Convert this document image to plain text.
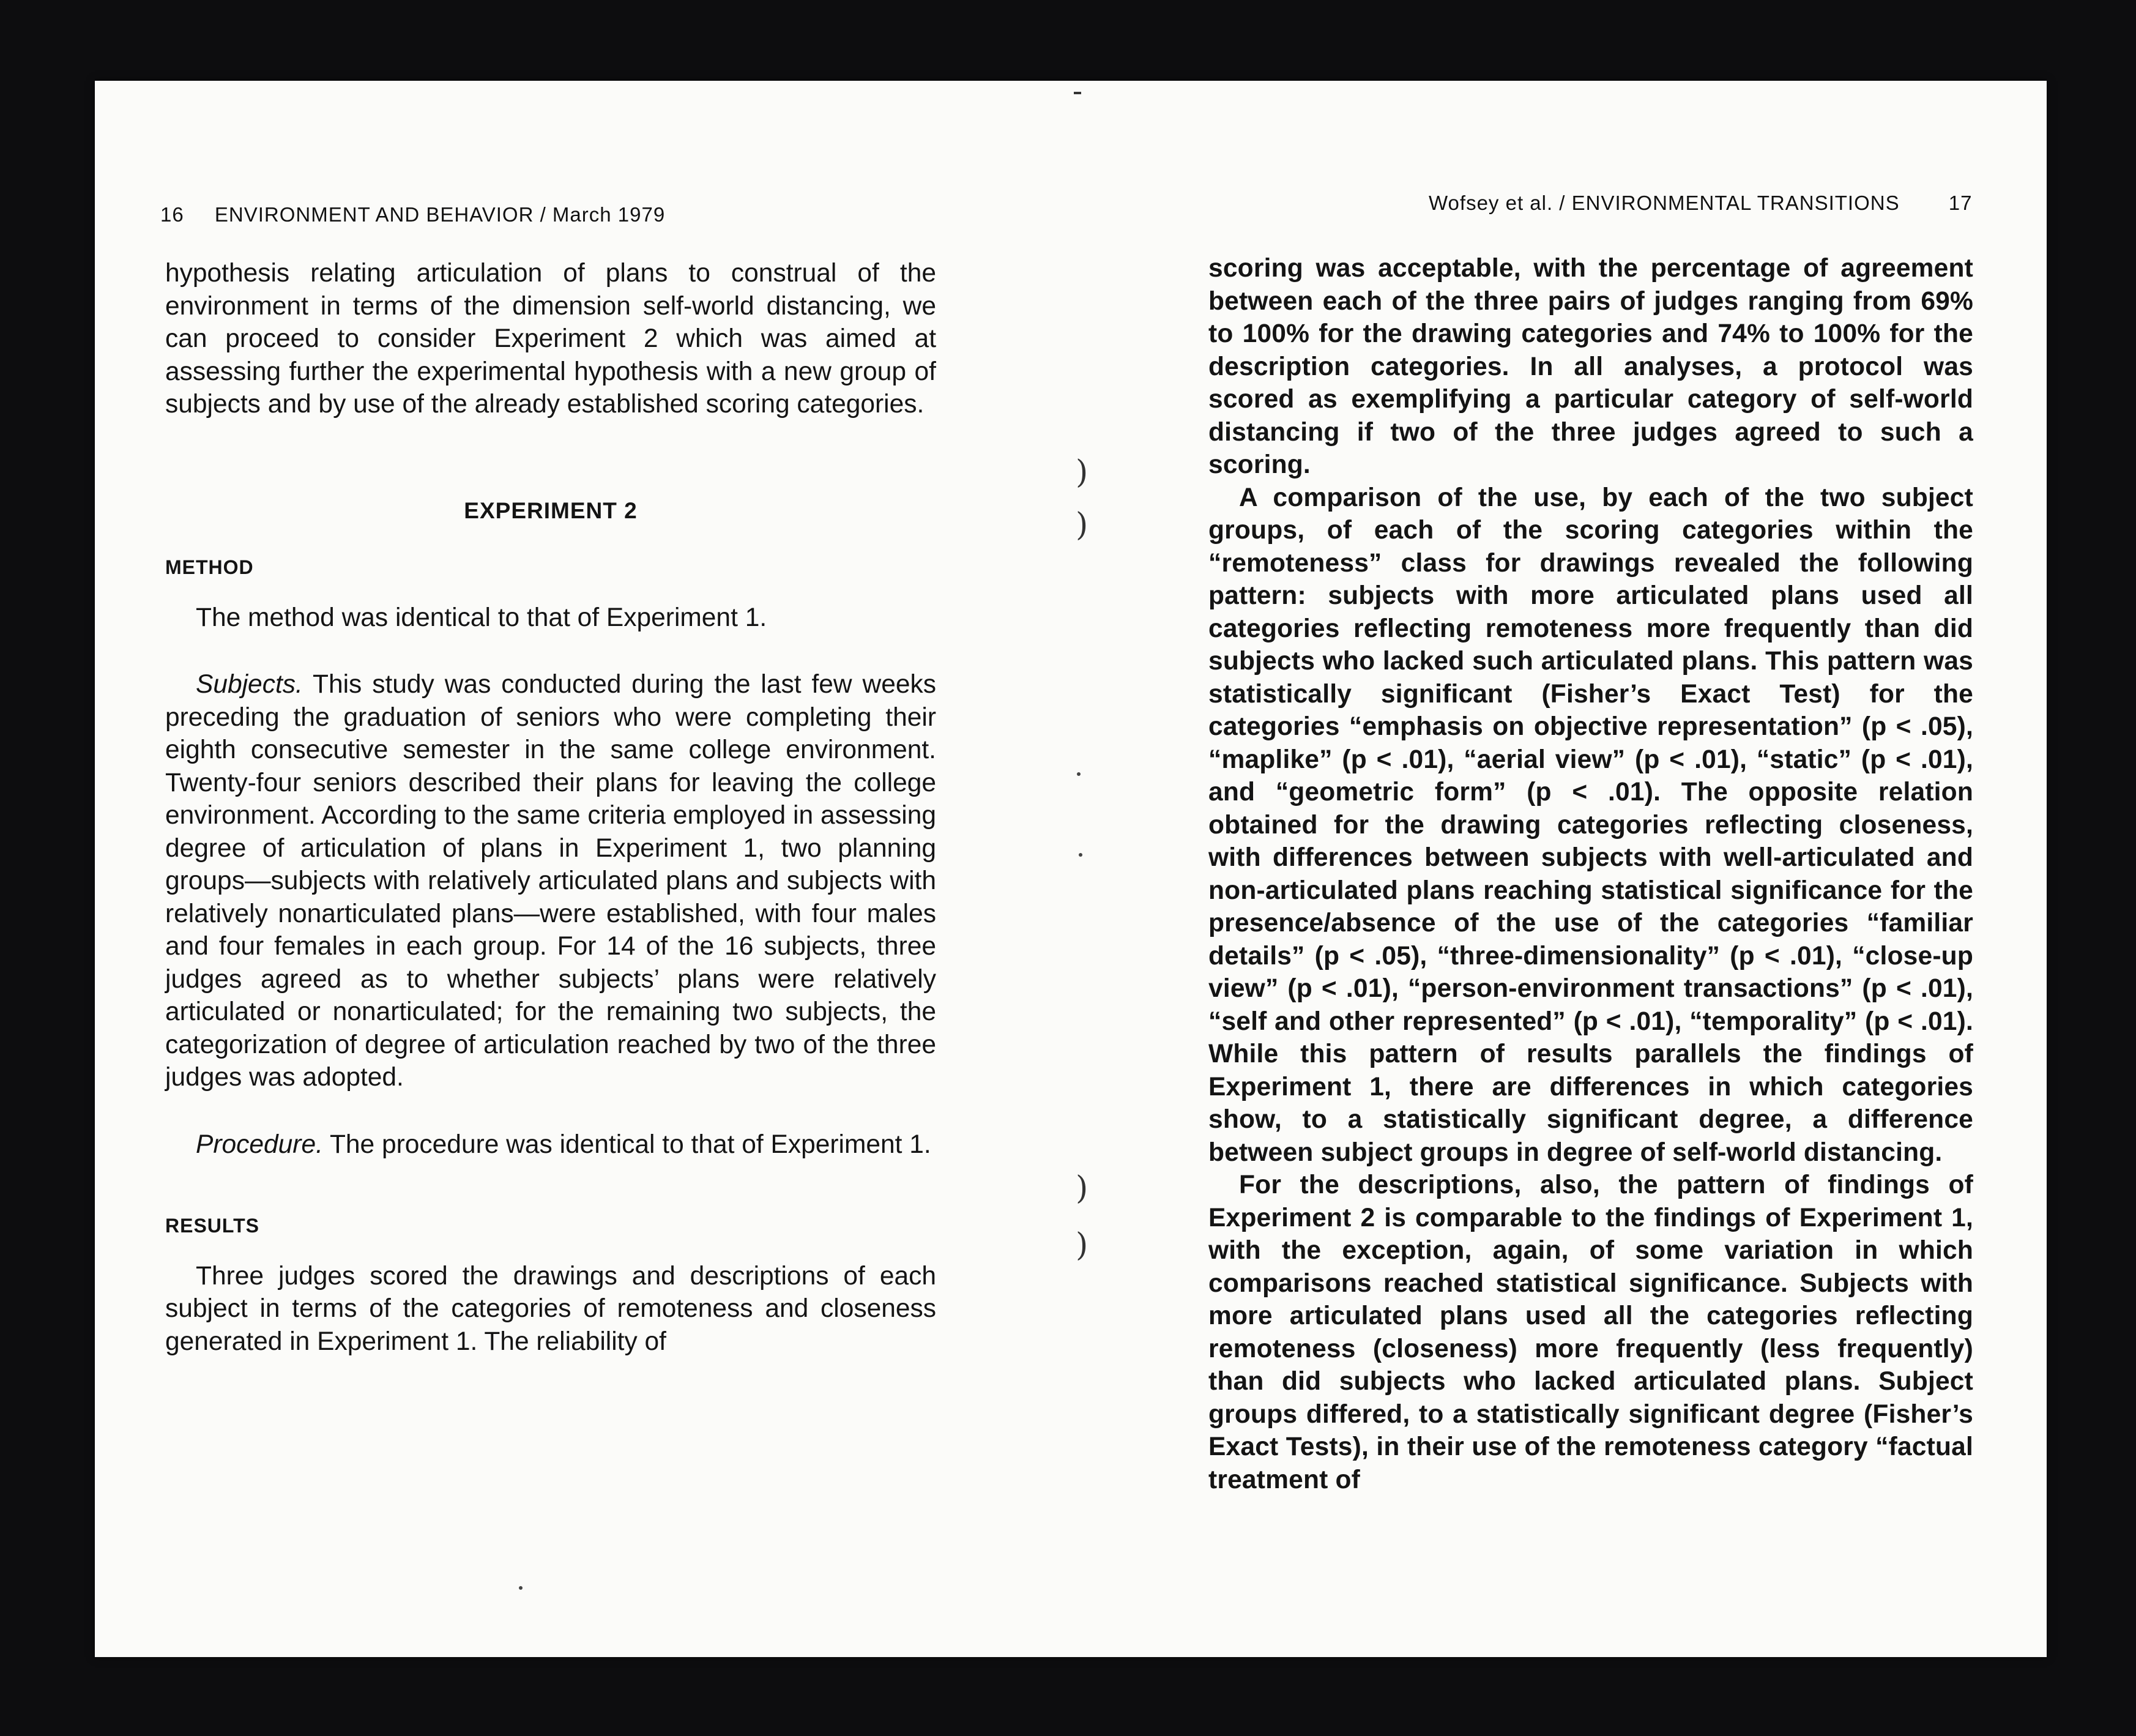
)
)
)
)

16 ENVIRONMENT AND BEHAVIOR / March 1979

hypothesis relating articulation of plans to construal of the environment in terms of the dimension self-world distancing, we can proceed to consider Experiment 2 which was aimed at assessing further the experimental hypothesis with a new group of subjects and by use of the already established scoring categories.

EXPERIMENT 2

METHOD

The method was identical to that of Experiment 1.

Subjects. This study was conducted during the last few weeks preceding the graduation of seniors who were completing their eighth consecutive semester in the same college environment. Twenty-four seniors described their plans for leaving the college environment. According to the same criteria employed in assessing degree of articulation of plans in Experiment 1, two planning groups—subjects with relatively articulated plans and subjects with relatively nonarticulated plans—were established, with four males and four females in each group. For 14 of the 16 subjects, three judges agreed as to whether subjects’ plans were relatively articulated or nonarticulated; for the remaining two subjects, the categorization of degree of articulation reached by two of the three judges was adopted.

Procedure. The procedure was identical to that of Experiment 1.

RESULTS

Three judges scored the drawings and descriptions of each subject in terms of the categories of remoteness and closeness generated in Experiment 1. The reliability of

Wofsey et al. / ENVIRONMENTAL TRANSITIONS 17

scoring was acceptable, with the percentage of agreement between each of the three pairs of judges ranging from 69% to 100% for the drawing categories and 74% to 100% for the description categories. In all analyses, a protocol was scored as exemplifying a particular category of self-world distancing if two of the three judges agreed to such a scoring.

A comparison of the use, by each of the two subject groups, of each of the scoring categories within the “remoteness” class for drawings revealed the following pattern: subjects with more articulated plans used all categories reflecting remoteness more frequently than did subjects who lacked such articulated plans. This pattern was statistically significant (Fisher’s Exact Test) for the categories “emphasis on objective representation” (p < .05), “maplike” (p < .01), “aerial view” (p < .01), “static” (p < .01), and “geometric form” (p < .01). The opposite relation obtained for the drawing categories reflecting closeness, with differences between subjects with well-articulated and non-articulated plans reaching statistical significance for the presence/absence of the use of the categories “familiar details” (p < .05), “three-dimensionality” (p < .01), “close-up view” (p < .01), “person-environment transactions” (p < .01), “self and other represented” (p < .01), “temporality” (p < .01). While this pattern of results parallels the findings of Experiment 1, there are differences in which categories show, to a statistically significant degree, a difference between subject groups in degree of self-world distancing.

For the descriptions, also, the pattern of findings of Experiment 2 is comparable to the findings of Experiment 1, with the exception, again, of some variation in which comparisons reached statistical significance. Subjects with more articulated plans used all the categories reflecting remoteness (closeness) more frequently (less frequently) than did subjects who lacked articulated plans. Subject groups differed, to a statistically significant degree (Fisher’s Exact Tests), in their use of the remoteness category “factual treatment of
